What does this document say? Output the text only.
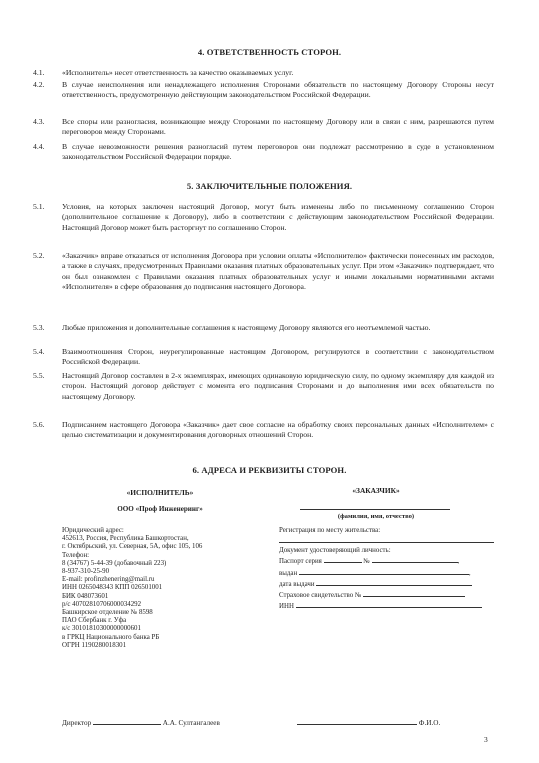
4. ОТВЕТСТВЕННОСТЬ СТОРОН.
4.1. «Исполнитель» несет ответственность за качество оказываемых услуг.
4.2. В случае неисполнения или ненадлежащего исполнения Сторонами обязательств по настоящему Договору Стороны несут ответственность, предусмотренную действующим законодательством Российской Федерации.
4.3. Все споры или разногласия, возникающие между Сторонами по настоящему Договору или в связи с ним, разрешаются путем переговоров между Сторонами.
4.4. В случае невозможности решения разногласий путем переговоров они подлежат рассмотрению в суде в установленном законодательством Российской Федерации порядке.
5. ЗАКЛЮЧИТЕЛЬНЫЕ ПОЛОЖЕНИЯ.
5.1. Условия, на которых заключен настоящий Договор, могут быть изменены либо по письменному соглашению Сторон (дополнительное соглашение к Договору), либо в соответствии с действующим законодательством Российской Федерации. Настоящий Договор может быть расторгнут по соглашению Сторон.
5.2. «Заказчик» вправе отказаться от исполнения Договора при условии оплаты «Исполнителю» фактически понесенных им расходов, а также в случаях, предусмотренных Правилами оказания платных образовательных услуг. При этом «Заказчик» подтверждает, что он был ознакомлен с Правилами оказания платных образовательных услуг и иными локальными нормативными актами «Исполнителя» в сфере образования до подписания настоящего Договора.
5.3. Любые приложения и дополнительные соглашения к настоящему Договору являются его неотъемлемой частью.
5.4. Взаимоотношения Сторон, неурегулированные настоящим Договором, регулируются в соответствии с законодательством Российской Федерации.
5.5. Настоящий Договор составлен в 2-х экземплярах, имеющих одинаковую юридическую силу, по одному экземпляру для каждой из сторон. Настоящий договор действует с момента его подписания Сторонами и до выполнения ими всех обязательств по настоящему Договору.
5.6. Подписанием настоящего Договора «Заказчик» дает свое согласие на обработку своих персональных данных «Исполнителем» с целью систематизации и документирования договорных отношений Сторон.
6. АДРЕСА И РЕКВИЗИТЫ СТОРОН.
«ИСПОЛНИТЕЛЬ»
ООО «Проф Инженеринг»
Юридический адрес:
452613, Россия, Республика Башкортостан,
г. Октябрьский, ул. Северная, 5А, офис 105, 106
Телефон:
8 (34767) 5-44-39 (добавочный 223)
8-937-310-25-90
E-mail: profinzhenering@mail.ru
ИНН 0265048343 КПП 026501001
БИК 048073601
р/с 40702810706000034292
Башкирское отделение № 8598
ПАО Сбербанк г. Уфа
к/с 30101810300000000601
в ГРКЦ Национального банка РБ
ОГРН 1190280018301
«ЗАКАЗЧИК»
(фамилия, имя, отчество)
Регистрация по месту жительства:
Документ удостоверяющий личность:
Паспорт серия	№	,
выдан	,
дата выдачи
Страховое свидетельство №
ИНН
Директор	А.А. Султангалеев	Ф.И.О.
3
